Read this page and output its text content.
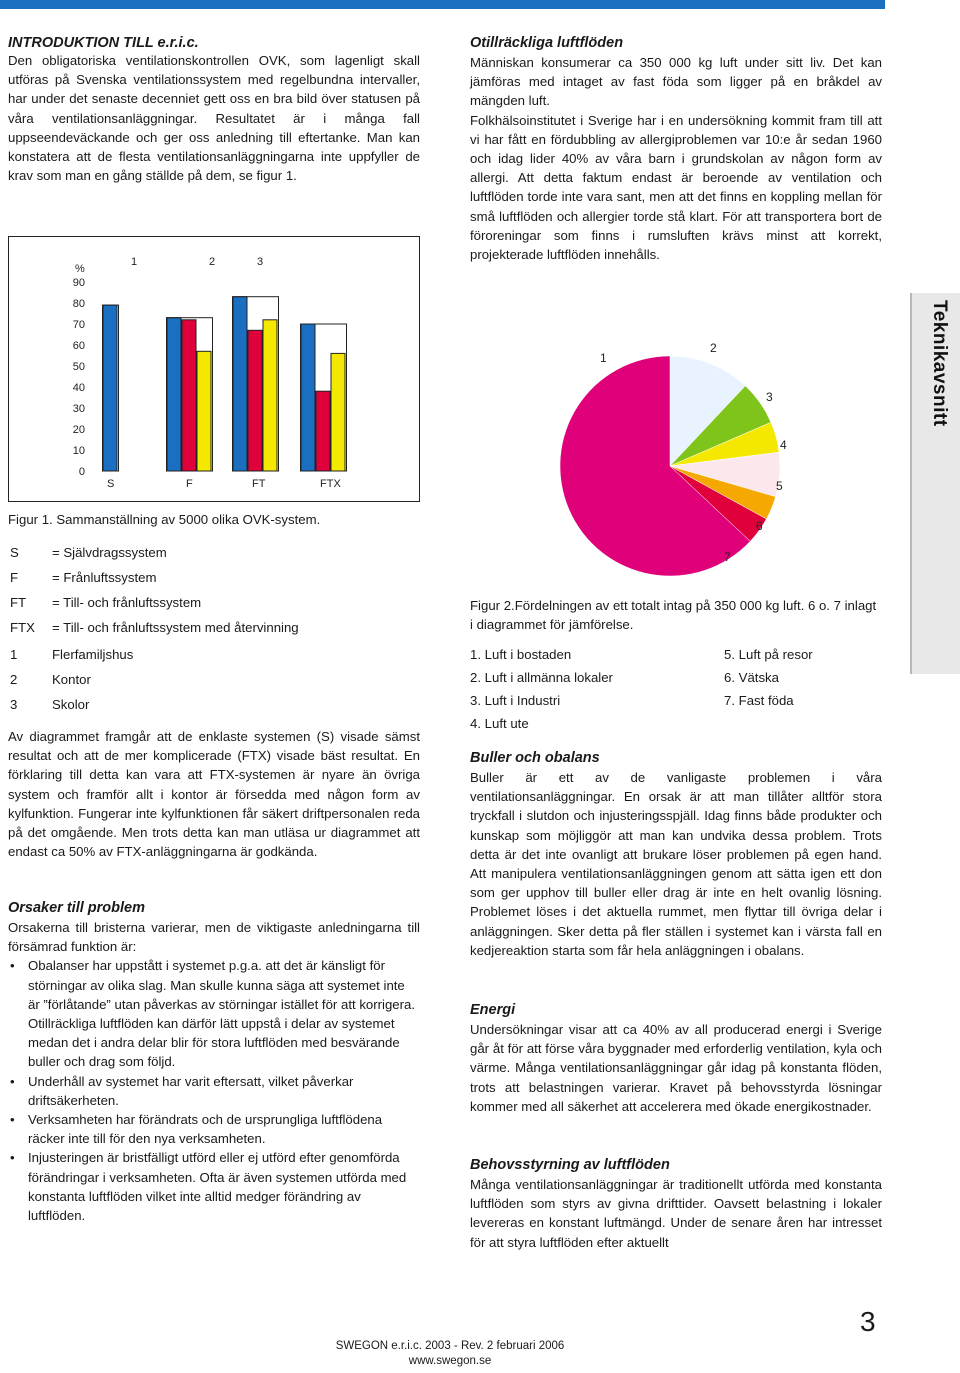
INTRODUKTION TILL e.r.i.c.

Den obligatoriska ventilationskontrollen OVK, som lagenligt skall utföras på Svenska ventilationssystem med regelbundna intervaller, har under det senaste decenniet gett oss en bra bild över statusen på våra ventilationsanläggningar. Resultatet är i många fall uppseendeväckande och ger oss anledning till eftertanke. Man kan konstatera att de flesta ventilationsanläggningarna inte uppfyller de krav som man en gång ställde på dem, se figur 1.

90
80
70
60
50
40
30
20
10
0
%
1	2	3
S	F	FT	FTX
Figur 1. Sammanställning av 5000 olika OVK-system.
S	= Självdragssystem
F	= Frånluftssystem
FT	= Till- och frånluftssystem
FTX	= Till- och frånluftssystem med återvinning
1	Flerfamiljshus
2	Kontor
3	Skolor

Av diagrammet framgår att de enklaste systemen (S) visade sämst resultat och att de mer komplicerade (FTX) visade bäst resultat. En förklaring till detta kan vara att FTX-systemen är nyare än övriga system och framför allt i kontor är försedda med någon form av kylfunktion. Fungerar inte kylfunktionen får säkert driftpersonalen reda på det omgående. Men trots detta kan man utläsa ur diagrammet att endast ca 50% av FTX-anläggningarna är godkända.

Orsaker till problem

Orsakerna till bristerna varierar, men de viktigaste anledningarna till försämrad funktion är:

• Obalanser har uppstått i systemet p.g.a. att det är känsligt för störningar av olika slag. Man skulle kunna säga att systemet inte är ”förlåtande” utan påverkas av störningar istället för att korrigera. Otillräckliga luftflöden kan därför lätt uppstå i delar av systemet medan det i andra delar blir för stora luftflöden med besvärande buller och drag som följd.
• Underhåll av systemet har varit eftersatt, vilket påverkar driftsäkerheten.
• Verksamheten har förändrats och de ursprungliga luftflödena räcker inte till för den nya verksamheten.
• Injusteringen är bristfälligt utförd eller ej utförd efter genomförda förändringar i verksamheten. Ofta är även systemen utförda med konstanta luftflöden vilket inte alltid medger förändring av luftflöden.
Otillräckliga luftflöden

Människan konsumerar ca 350 000 kg luft under sitt liv. Det kan jämföras med intaget av fast föda som ligger på en bråkdel av mängden luft.

Folkhälsoinstitutet i Sverige har i en undersökning kommit fram till att vi har fått en fördubbling av allergiproblemen var 10:e år sedan 1960 och idag lider 40% av våra barn i grundskolan av någon form av allergi. Att detta faktum endast är beroende av ventilation och luftflöden torde inte vara sant, men att det finns en koppling mellan för små luftflöden och allergier torde stå klart. För att transportera bort de föroreningar som finns i rumsluften krävs minst att korrekt, projekterade luftflöden innehålls.

1
2
3
4
5
6
7
Figur 2.Fördelningen av ett totalt intag på 350 000 kg luft. 6 o. 7 inlagt i diagrammet för jämförelse.
1. Luft i bostaden
2. Luft i allmänna lokaler
3. Luft i Industri
4. Luft ute
5. Luft på resor
6. Vätska
7. Fast föda
Buller och obalans

Buller är ett av de vanligaste problemen i våra ventilationsanläggningar. En orsak är att man tillåter alltför stora tryckfall i slutdon och injusteringsspjäll. Idag finns både produkter och kunskap som möjliggör att man kan undvika dessa problem. Trots detta är det inte ovanligt att brukare löser problemen på egen hand. Att manipulera ventilationsanläggningen genom att sätta igen ett don som ger upphov till buller eller drag är inte en helt ovanlig lösning. Problemet löses i det aktuella rummet, men flyttar till övriga delar i anläggningen. Sker detta på fler ställen i systemet kan i värsta fall en kedjereaktion starta som får hela anläggningen i obalans.

Energi

Undersökningar visar att ca 40% av all producerad energi i Sverige går åt för att förse våra byggnader med erforderlig ventilation, kyla och värme. Många ventilationsanläggningar går idag på konstanta flöden, trots att belastningen varierar. Kravet på behovsstyrda lösningar kommer med all säkerhet att accelerera med ökade energikostnader.

Behovsstyrning av luftflöden

Många ventilationsanläggningar är traditionellt utförda med konstanta luftflöden som styrs av givna drifttider. Oavsett belastning i lokaler levereras en konstant luftmängd. Under de senare åren har intresset för att styra luftflöden efter aktuellt

Teknikavsnitt
SWEGON e.r.i.c. 2003 - Rev. 2 februari 2006
www.swegon.se
3
